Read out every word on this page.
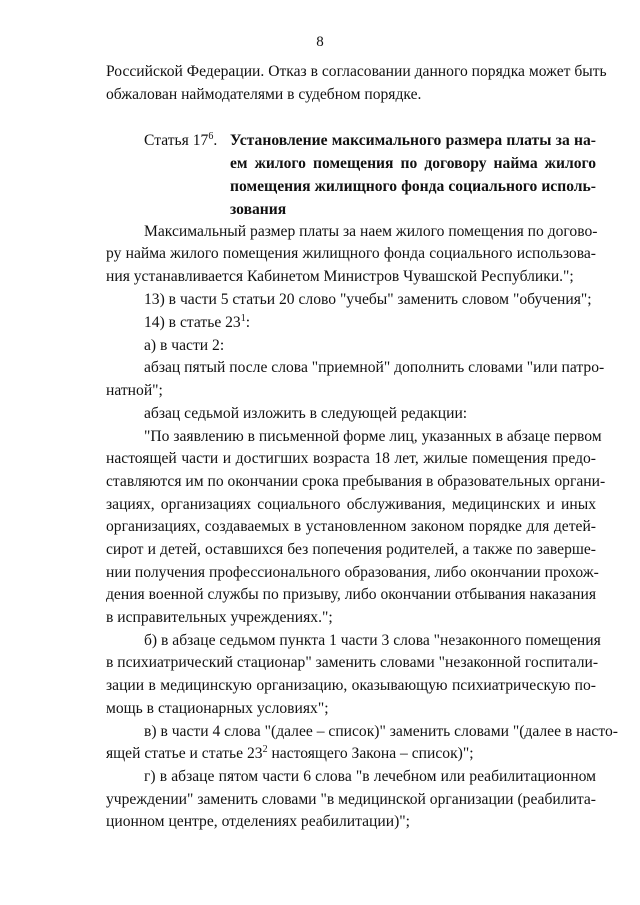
8
Российской Федерации. Отказ в согласовании данного порядка может быть
обжалован наймодателями в судебном порядке.
Статья $17^6$. Установление максимального размера платы за на-
ем жилого помещения по договору найма жилого
помещения жилищного фонда социального исполь-
зования
Максимальный размер платы за наем жилого помещения по догово-
ру найма жилого помещения жилищного фонда социального использова-
ния устанавливается Кабинетом Министров Чувашской Республики.";
13) в части 5 статьи 20 слово "учебы" заменить словом "обучения";
14) в статье $23^1$:
а) в части 2:
абзац пятый после слова "приемной" дополнить словами "или патро-
натной";
абзац седьмой изложить в следующей редакции:
"По заявлению в письменной форме лиц, указанных в абзаце первом
настоящей части и достигших возраста 18 лет, жилые помещения предо-
ставляются им по окончании срока пребывания в образовательных органи-
зациях, организациях социального обслуживания, медицинских и иных
организациях, создаваемых в установленном законом порядке для детей-
сирот и детей, оставшихся без попечения родителей, а также по заверше-
нии получения профессионального образования, либо окончании прохож-
дения военной службы по призыву, либо окончании отбывания наказания
в исправительных учреждениях.";
б) в абзаце седьмом пункта 1 части 3 слова "незаконного помещения
в психиатрический стационар" заменить словами "незаконной госпитали-
зации в медицинскую организацию, оказывающую психиатрическую по-
мощь в стационарных условиях";
в) в части 4 слова "(далее – список)" заменить словами "(далее в насто-
ящей статье и статье $23^2$ настоящего Закона – список)";
г) в абзаце пятом части 6 слова "в лечебном или реабилитационном
учреждении" заменить словами "в медицинской организации (реабилита-
ционном центре, отделениях реабилитации)";
